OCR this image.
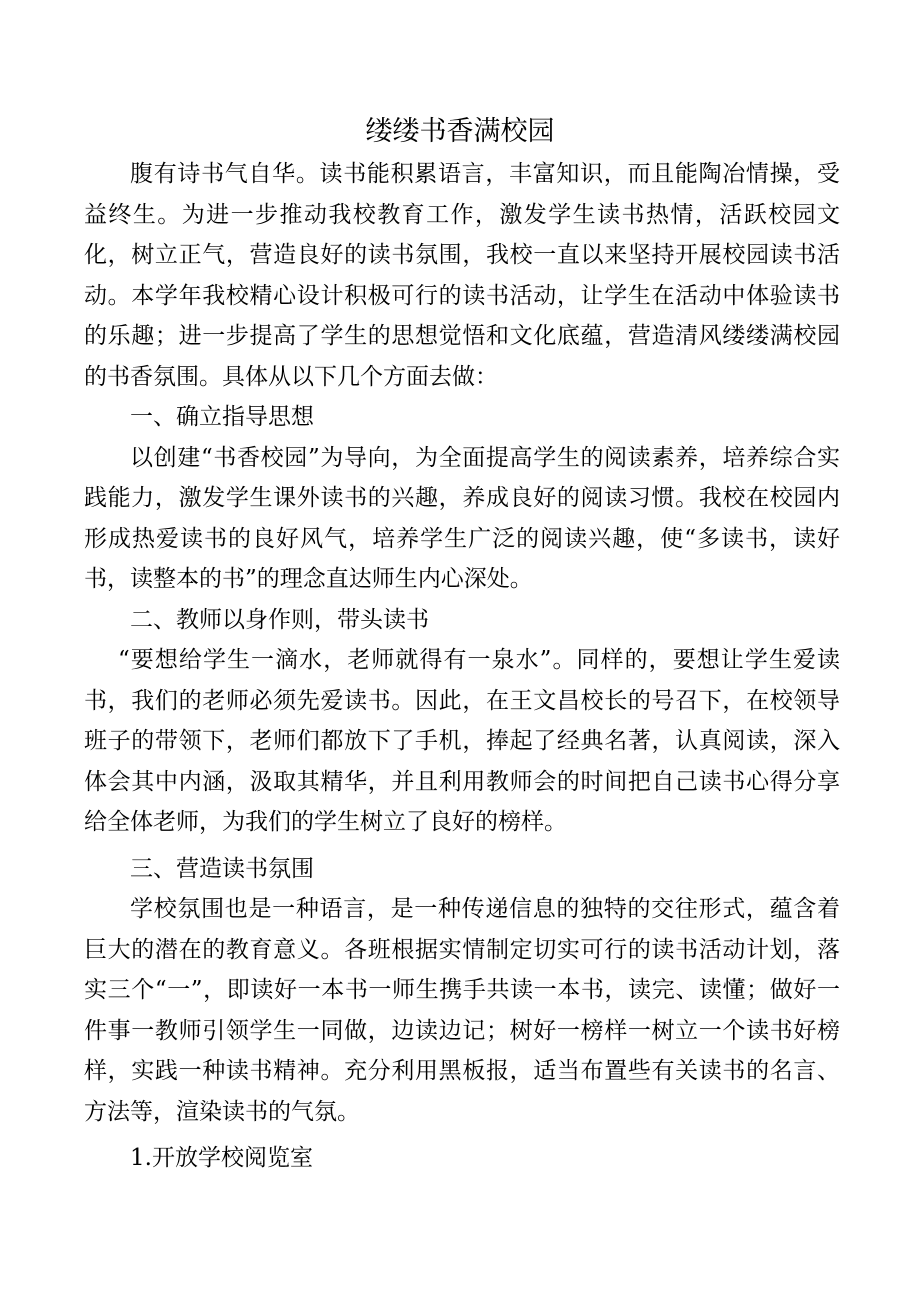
缕缕书香满校园

腹有诗书气自华。读书能积累语言，丰富知识，而且能陶冶情操，受益终生。为进一步推动我校教育工作，激发学生读书热情，活跃校园文化，树立正气，营造良好的读书氛围，我校一直以来坚持开展校园读书活动。本学年我校精心设计积极可行的读书活动，让学生在活动中体验读书的乐趣；进一步提高了学生的思想觉悟和文化底蕴，营造清风缕缕满校园的书香氛围。具体从以下几个方面去做：

一、确立指导思想

以创建“书香校园”为导向，为全面提高学生的阅读素养，培养综合实践能力，激发学生课外读书的兴趣，养成良好的阅读习惯。我校在校园内形成热爱读书的良好风气，培养学生广泛的阅读兴趣，使“多读书，读好书，读整本的书”的理念直达师生内心深处。

二、教师以身作则，带头读书

“要想给学生一滴水，老师就得有一泉水”。同样的，要想让学生爱读书，我们的老师必须先爱读书。因此，在王文昌校长的号召下，在校领导班子的带领下，老师们都放下了手机，捧起了经典名著，认真阅读，深入体会其中内涵，汲取其精华，并且利用教师会的时间把自己读书心得分享给全体老师，为我们的学生树立了良好的榜样。

三、营造读书氛围

学校氛围也是一种语言，是一种传递信息的独特的交往形式，蕴含着巨大的潜在的教育意义。各班根据实情制定切实可行的读书活动计划，落实三个“一”，即读好一本书一师生携手共读一本书，读完、读懂；做好一件事一教师引领学生一同做，边读边记；树好一榜样一树立一个读书好榜样，实践一种读书精神。充分利用黑板报，适当布置些有关读书的名言、方法等，渲染读书的气氛。

1.开放学校阅览室
